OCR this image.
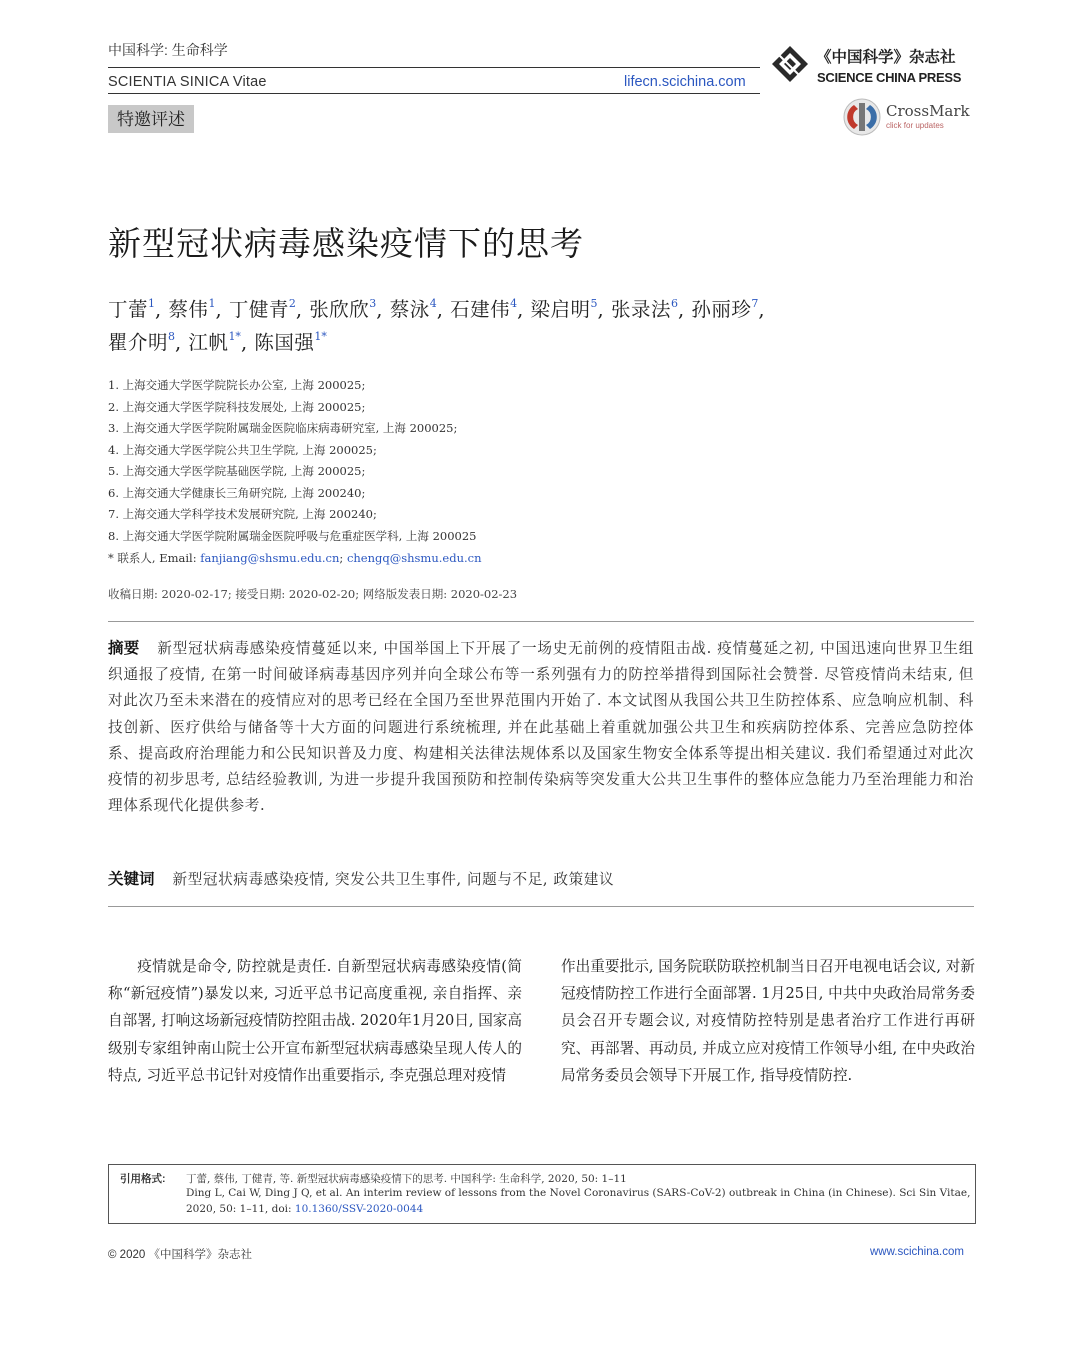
中国科学: 生命科学
SCIENTIA SINICA Vitae	lifecn.scichina.com
《中国科学》杂志社
SCIENCE CHINA PRESS
特邀评述	CrossMark
click for updates
新型冠状病毒感染疫情下的思考
丁蕾$^1$, 蔡伟$^1$, 丁健青$^2$, 张欣欣$^3$, 蔡泳$^4$, 石建伟$^4$, 梁启明$^5$, 张录法$^6$, 孙丽珍$^7$,
瞿介明$^8$, 江帆$^{1*}$, 陈国强$^{1*}$
1. 上海交通大学医学院院长办公室, 上海 200025;
2. 上海交通大学医学院科技发展处, 上海 200025;
3. 上海交通大学医学院附属瑞金医院临床病毒研究室, 上海 200025;
4. 上海交通大学医学院公共卫生学院, 上海 200025;
5. 上海交通大学医学院基础医学院, 上海 200025;
6. 上海交通大学健康长三角研究院, 上海 200240;
7. 上海交通大学科学技术发展研究院, 上海 200240;
8. 上海交通大学医学院附属瑞金医院呼吸与危重症医学科, 上海 200025
* 联系人, Email: fanjiang@shsmu.edu.cn; chengq@shsmu.edu.cn
收稿日期: 2020-02-17; 接受日期: 2020-02-20; 网络版发表日期: 2020-02-23
摘要 新型冠状病毒感染疫情蔓延以来, 中国举国上下开展了一场史无前例的疫情阻击战. 疫情蔓延之初, 中国迅速向世界卫生组织通报了疫情, 在第一时间破译病毒基因序列并向全球公布等一系列强有力的防控举措得到国际社会赞誉. 尽管疫情尚未结束, 但对此次乃至未来潜在的疫情应对的思考已经在全国乃至世界范围内开始了. 本文试图从我国公共卫生防控体系、应急响应机制、科技创新、医疗供给与储备等十大方面的问题进行系统梳理, 并在此基础上着重就加强公共卫生和疾病防控体系、完善应急防控体系、提高政府治理能力和公民知识普及力度、构建相关法律法规体系以及国家生物安全体系等提出相关建议. 我们希望通过对此次疫情的初步思考, 总结经验教训, 为进一步提升我国预防和控制传染病等突发重大公共卫生事件的整体应急能力乃至治理能力和治理体系现代化提供参考.
关键词 新型冠状病毒感染疫情, 突发公共卫生事件, 问题与不足, 政策建议
疫情就是命令, 防控就是责任. 自新型冠状病毒感染疫情(简称“新冠疫情”)暴发以来, 习近平总书记高度重视, 亲自指挥、亲自部署, 打响这场新冠疫情防控阻击战. 2020年1月20日, 国家高级别专家组钟南山院士公开宣布新型冠状病毒感染呈现人传人的特点, 习近平总书记针对疫情作出重要指示, 李克强总理对疫情
作出重要批示, 国务院联防联控机制当日召开电视电话会议, 对新冠疫情防控工作进行全面部署. 1月25日, 中共中央政治局常务委员会召开专题会议, 对疫情防控特别是患者治疗工作进行再研究、再部署、再动员, 并成立应对疫情工作领导小组, 在中央政治局常务委员会领导下开展工作, 指导疫情防控.
引用格式: 丁蕾, 蔡伟, 丁健青, 等. 新型冠状病毒感染疫情下的思考. 中国科学: 生命科学, 2020, 50: 1–11
Ding L, Cai W, Ding J Q, et al. An interim review of lessons from the Novel Coronavirus (SARS-CoV-2) outbreak in China (in Chinese). Sci Sin Vitae,
2020, 50: 1–11, doi: 10.1360/SSV-2020-0044
© 2020 《中国科学》杂志社	www.scichina.com
